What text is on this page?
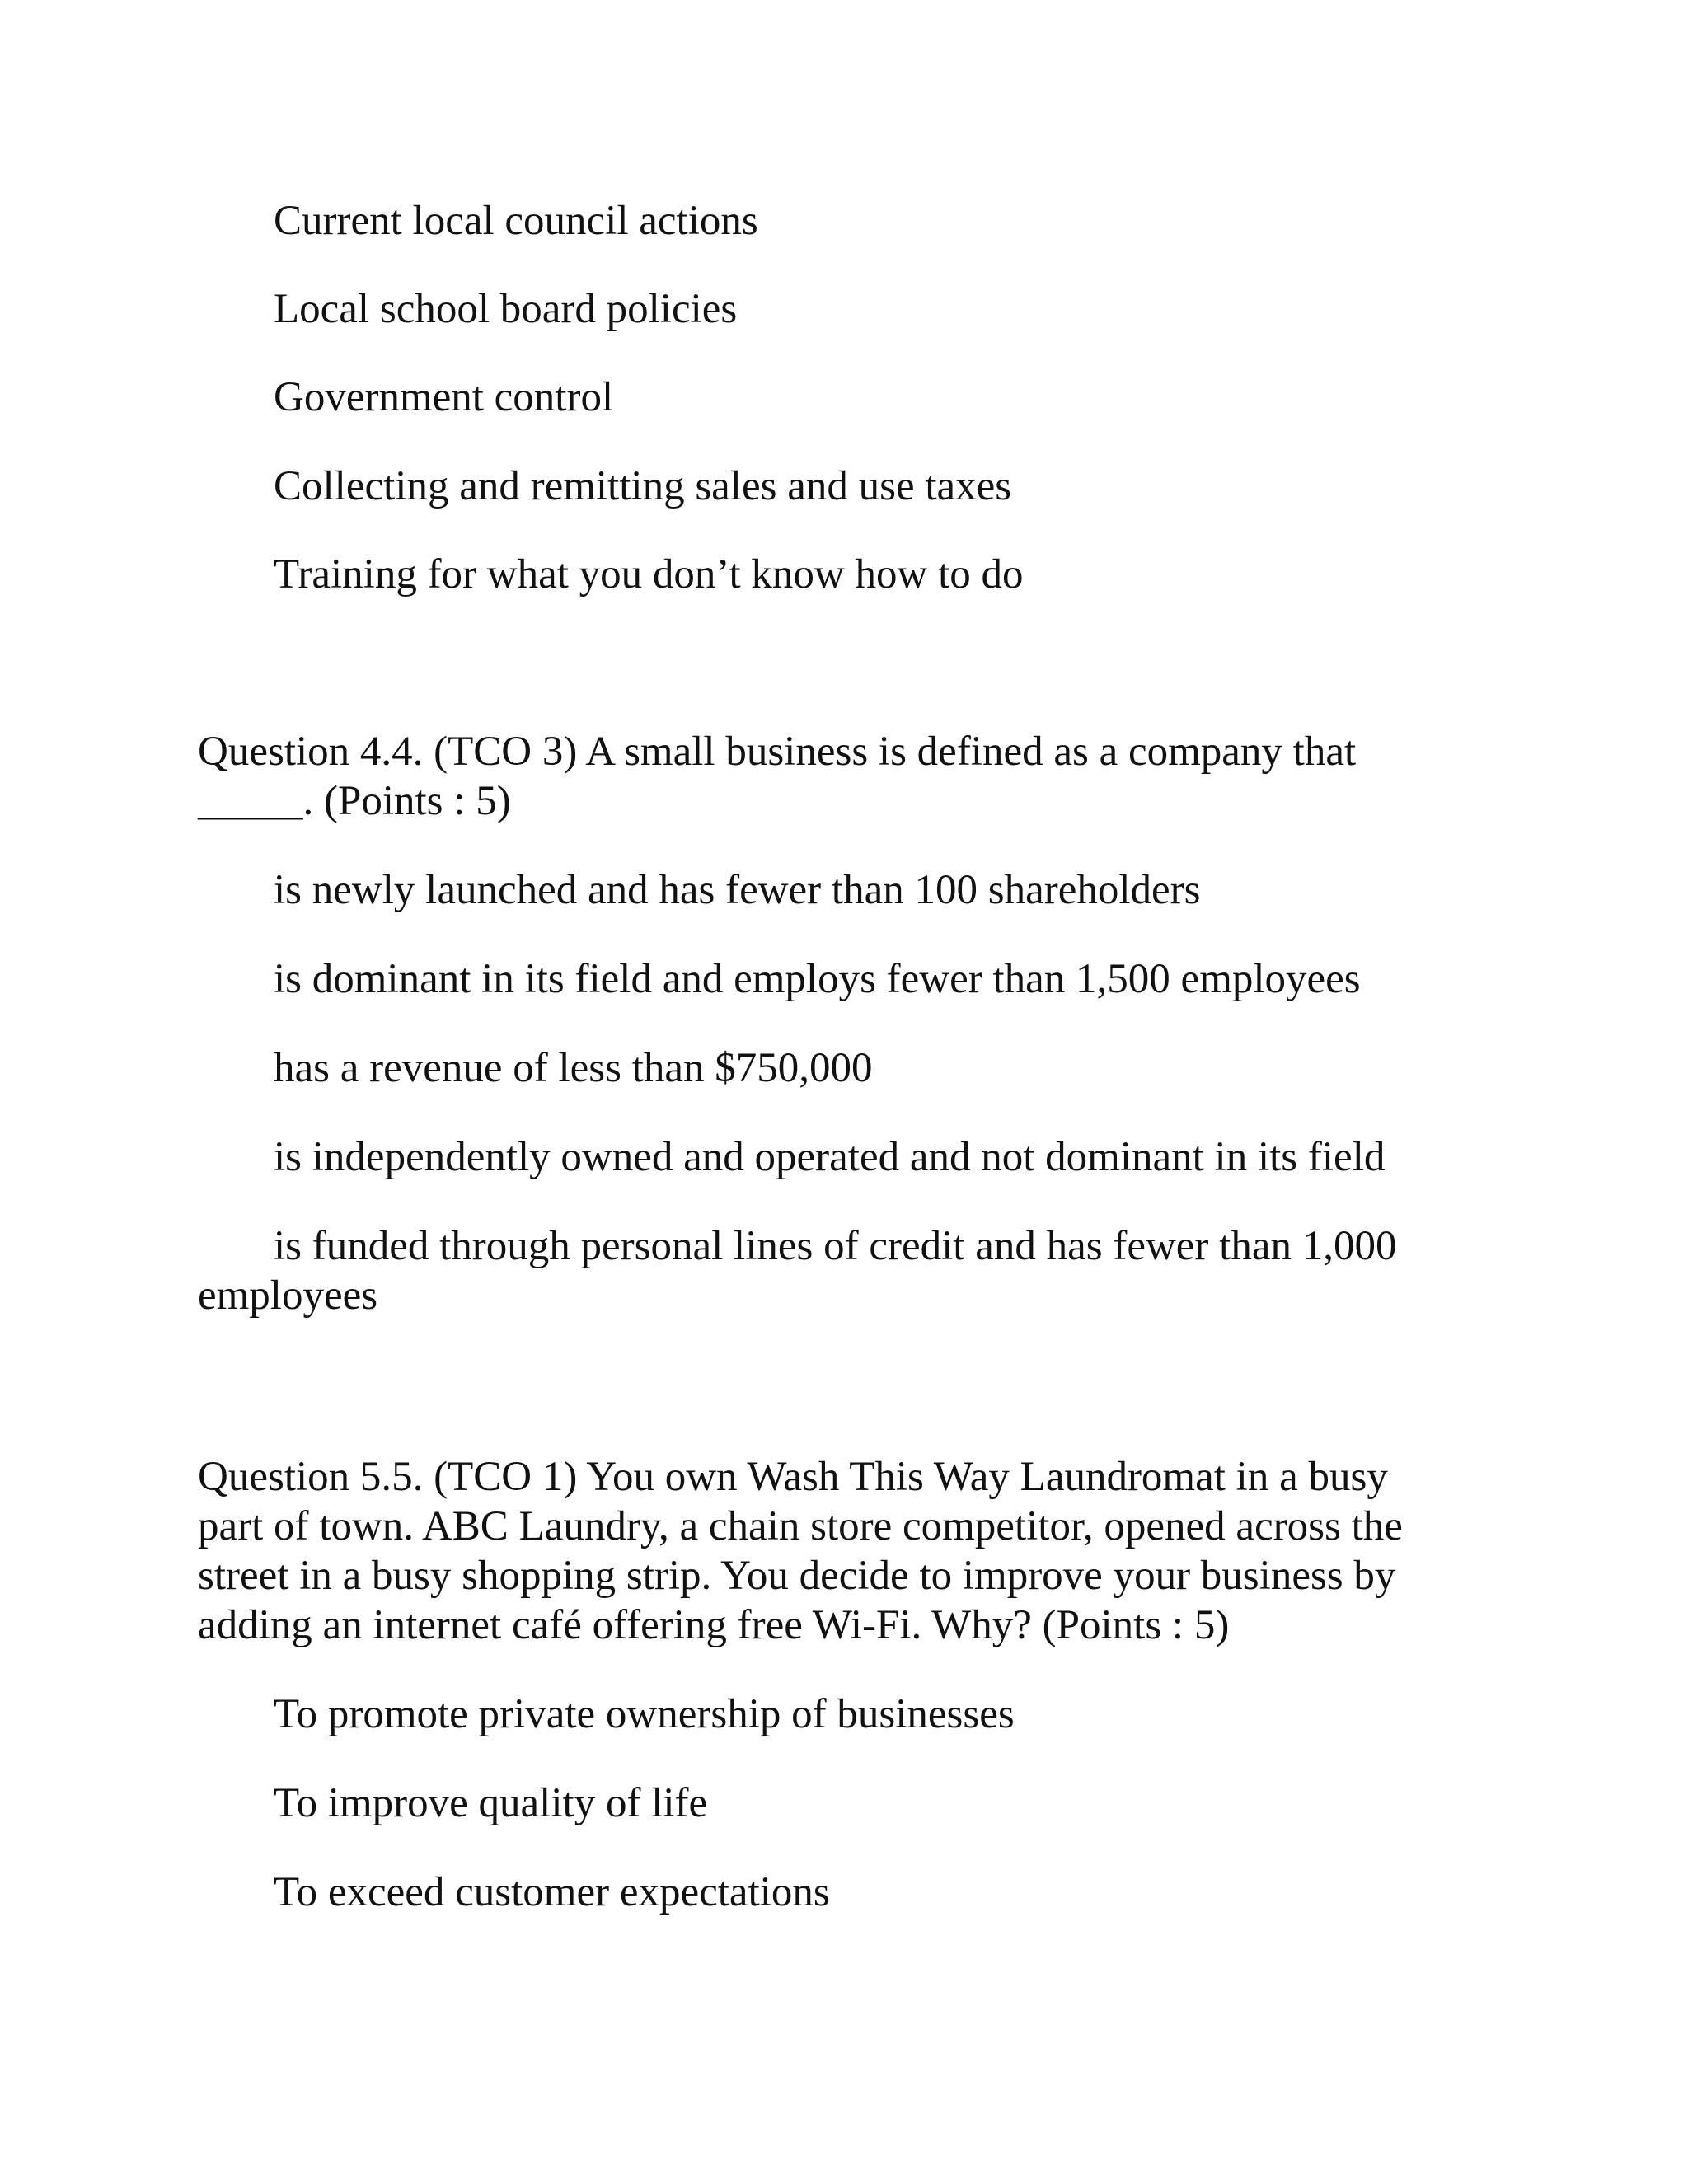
Current local council actions

Local school board policies

Government control

Collecting and remitting sales and use taxes

Training for what you don’t know how to do

Question 4.4. (TCO 3) A small business is defined as a company that

_____. (Points : 5)

is newly launched and has fewer than 100 shareholders

is dominant in its field and employs fewer than 1,500 employees

has a revenue of less than $750,000

is independently owned and operated and not dominant in its field

is funded through personal lines of credit and has fewer than 1,000

employees

Question 5.5. (TCO 1) You own Wash This Way Laundromat in a busy

part of town. ABC Laundry, a chain store competitor, opened across the

street in a busy shopping strip. You decide to improve your business by

adding an internet café offering free Wi-Fi. Why? (Points : 5)

To promote private ownership of businesses

To improve quality of life

To exceed customer expectations
